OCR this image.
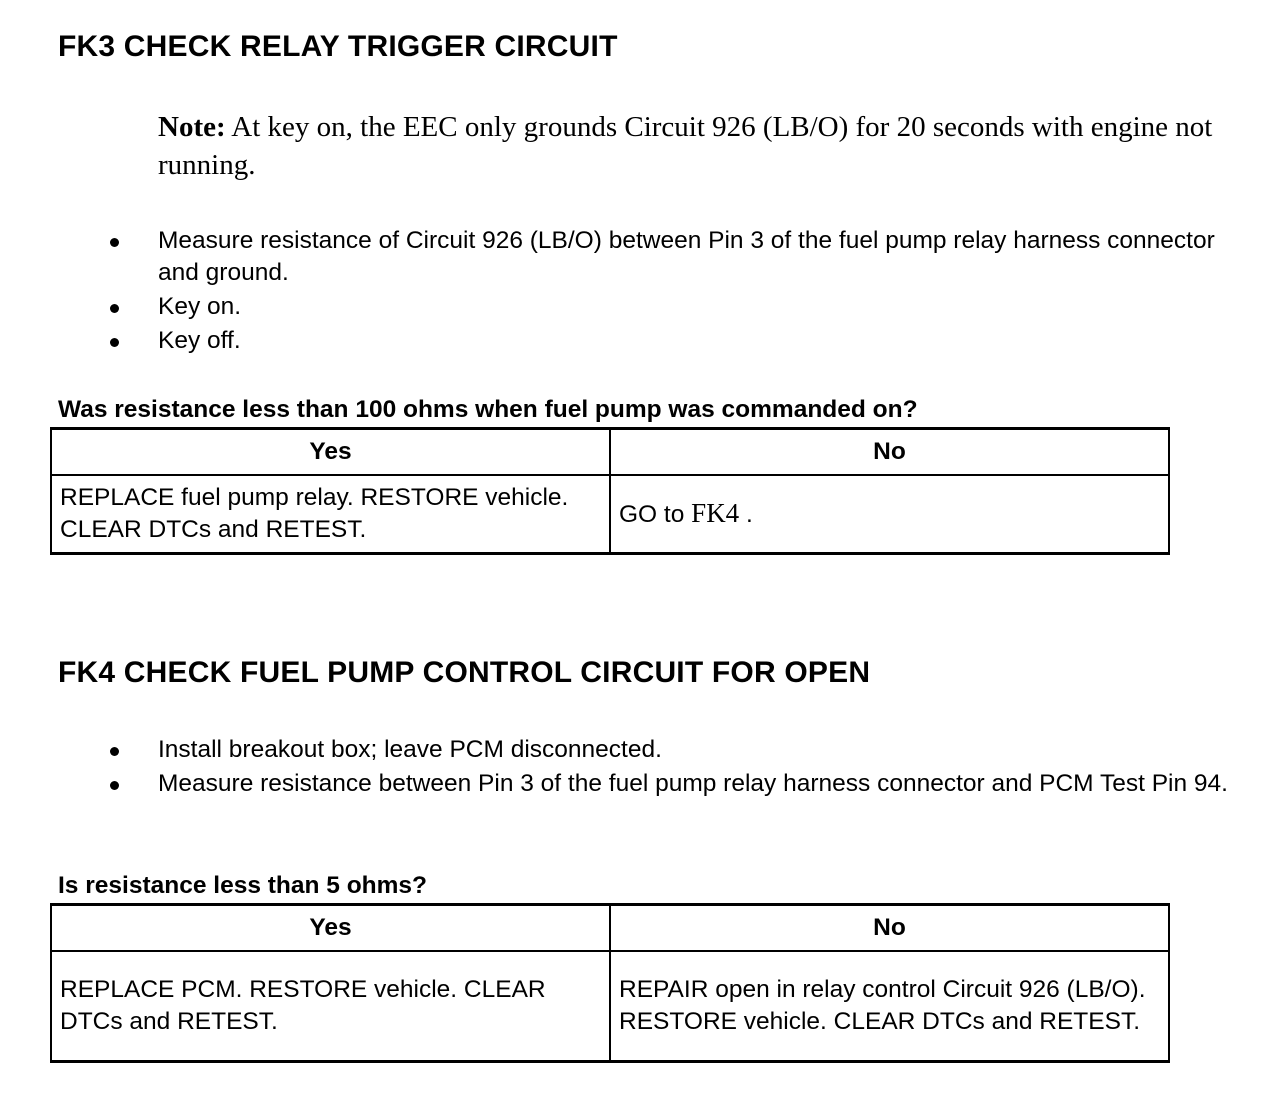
FK3 CHECK RELAY TRIGGER CIRCUIT

Note: At key on, the EEC only grounds Circuit 926 (LB/O) for 20 seconds with engine not running.

Measure resistance of Circuit 926 (LB/O) between Pin 3 of the fuel pump relay harness connector and ground.
Key on.
Key off.

Was resistance less than 100 ohms when fuel pump was commanded on?

Yes	No
REPLACE fuel pump relay. RESTORE vehicle. CLEAR DTCs and RETEST.	GO to FK4 .
FK4 CHECK FUEL PUMP CONTROL CIRCUIT FOR OPEN
Install breakout box; leave PCM disconnected.
Measure resistance between Pin 3 of the fuel pump relay harness connector and PCM Test Pin 94.

Is resistance less than 5 ohms?

Yes	No
REPLACE PCM. RESTORE vehicle. CLEAR DTCs and RETEST.	REPAIR open in relay control Circuit 926 (LB/O). RESTORE vehicle. CLEAR DTCs and RETEST.
